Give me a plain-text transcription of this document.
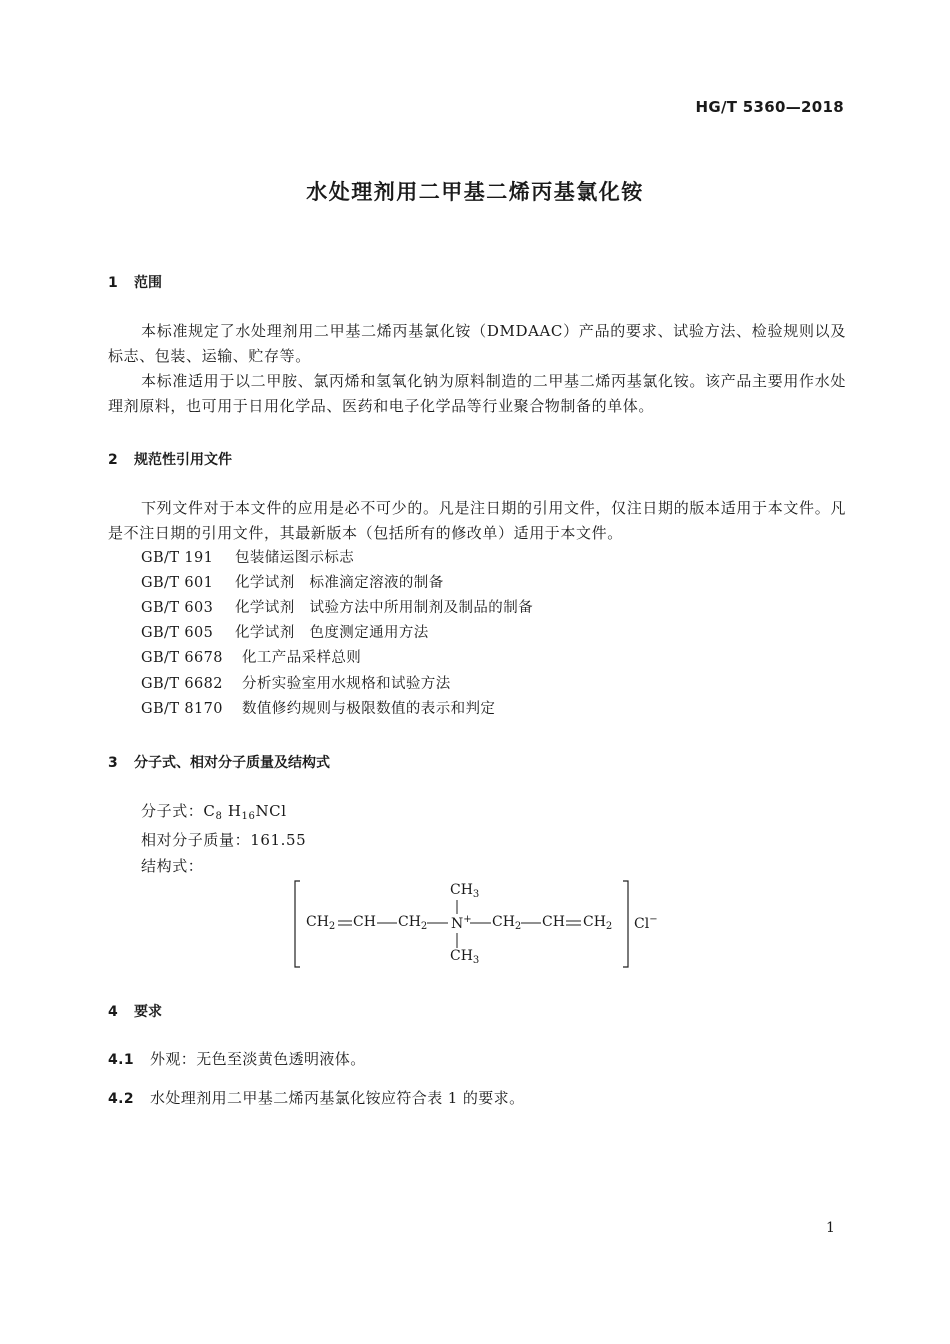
HG/T 5360—2018
水处理剂用二甲基二烯丙基氯化铵
1 范围
本标准规定了水处理剂用二甲基二烯丙基氯化铵（DMDAAC）产品的要求、试验方法、检验规则以及标志、包装、运输、贮存等。
本标准适用于以二甲胺、氯丙烯和氢氧化钠为原料制造的二甲基二烯丙基氯化铵。该产品主要用作水处理剂原料，也可用于日用化学品、医药和电子化学品等行业聚合物制备的单体。
2 规范性引用文件
下列文件对于本文件的应用是必不可少的。凡是注日期的引用文件，仅注日期的版本适用于本文件。凡是不注日期的引用文件，其最新版本（包括所有的修改单）适用于本文件。
GB/T 191 包装储运图示标志
GB/T 601 化学试剂　标准滴定溶液的制备
GB/T 603 化学试剂　试验方法中所用制剂及制品的制备
GB/T 605 化学试剂　色度测定通用方法
GB/T 6678 化工产品采样总则
GB/T 6682 分析实验室用水规格和试验方法
GB/T 8170 数值修约规则与极限数值的表示和判定
3 分子式、相对分子质量及结构式
分子式：$C_8$ $H_{16}NCl$
相对分子质量：161.55
结构式：
$CH_3$
$CH_2$ CH $CH_2$ N+ $CH_2$ CH $CH_2$
$CH_3$
Cl−
4 要求
4.1 外观：无色至淡黄色透明液体。
4.2 水处理剂用二甲基二烯丙基氯化铵应符合表 1 的要求。
1
